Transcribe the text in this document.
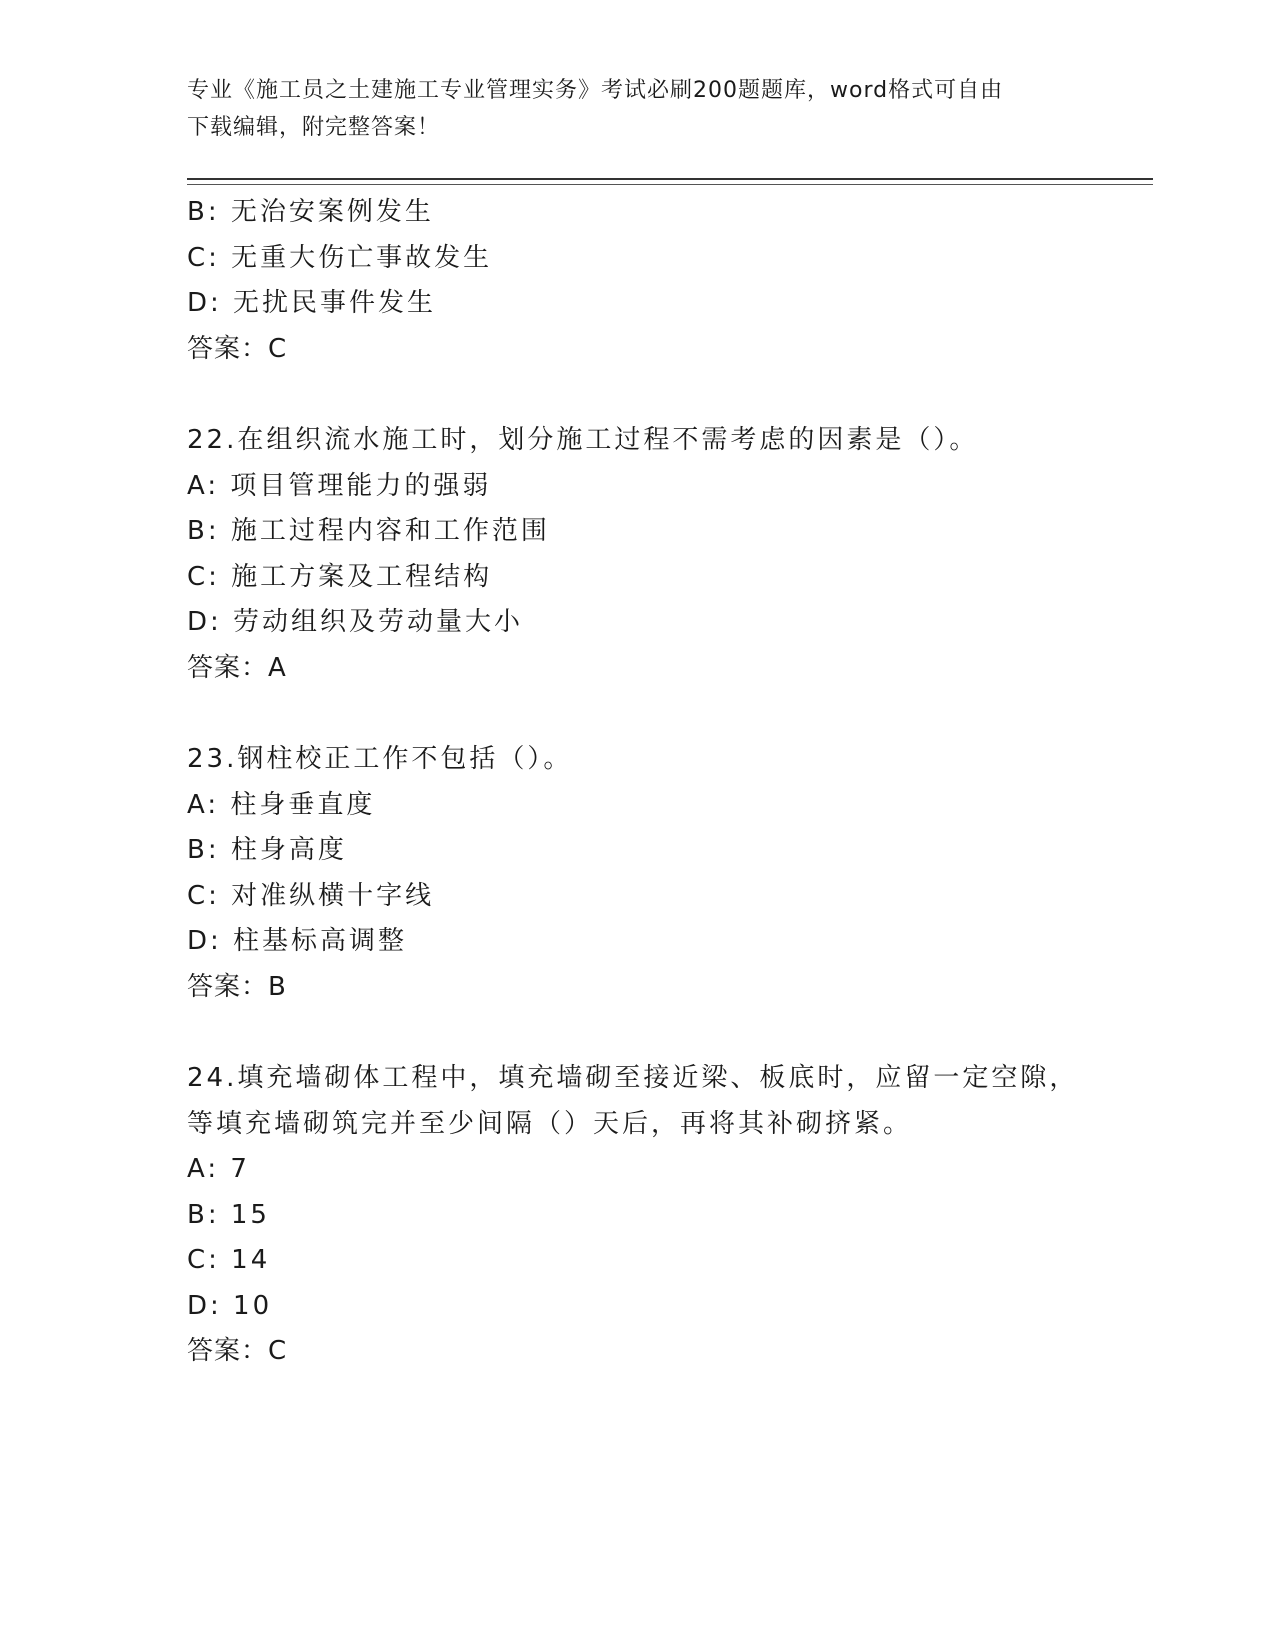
专业《施工员之土建施工专业管理实务》考试必刷200题题库，word格式可自由
下载编辑，附完整答案！
B: 无治安案例发生
C: 无重大伤亡事故发生
D: 无扰民事件发生
答案：C
22.在组织流水施工时，划分施工过程不需考虑的因素是（）。
A: 项目管理能力的强弱
B: 施工过程内容和工作范围
C: 施工方案及工程结构
D: 劳动组织及劳动量大小
答案：A
23.钢柱校正工作不包括（）。
A: 柱身垂直度
B: 柱身高度
C: 对准纵横十字线
D: 柱基标高调整
答案：B
24.填充墙砌体工程中，填充墙砌至接近梁、板底时，应留一定空隙，
等填充墙砌筑完并至少间隔（）天后，再将其补砌挤紧。
A: 7
B: 15
C: 14
D: 10
答案：C
